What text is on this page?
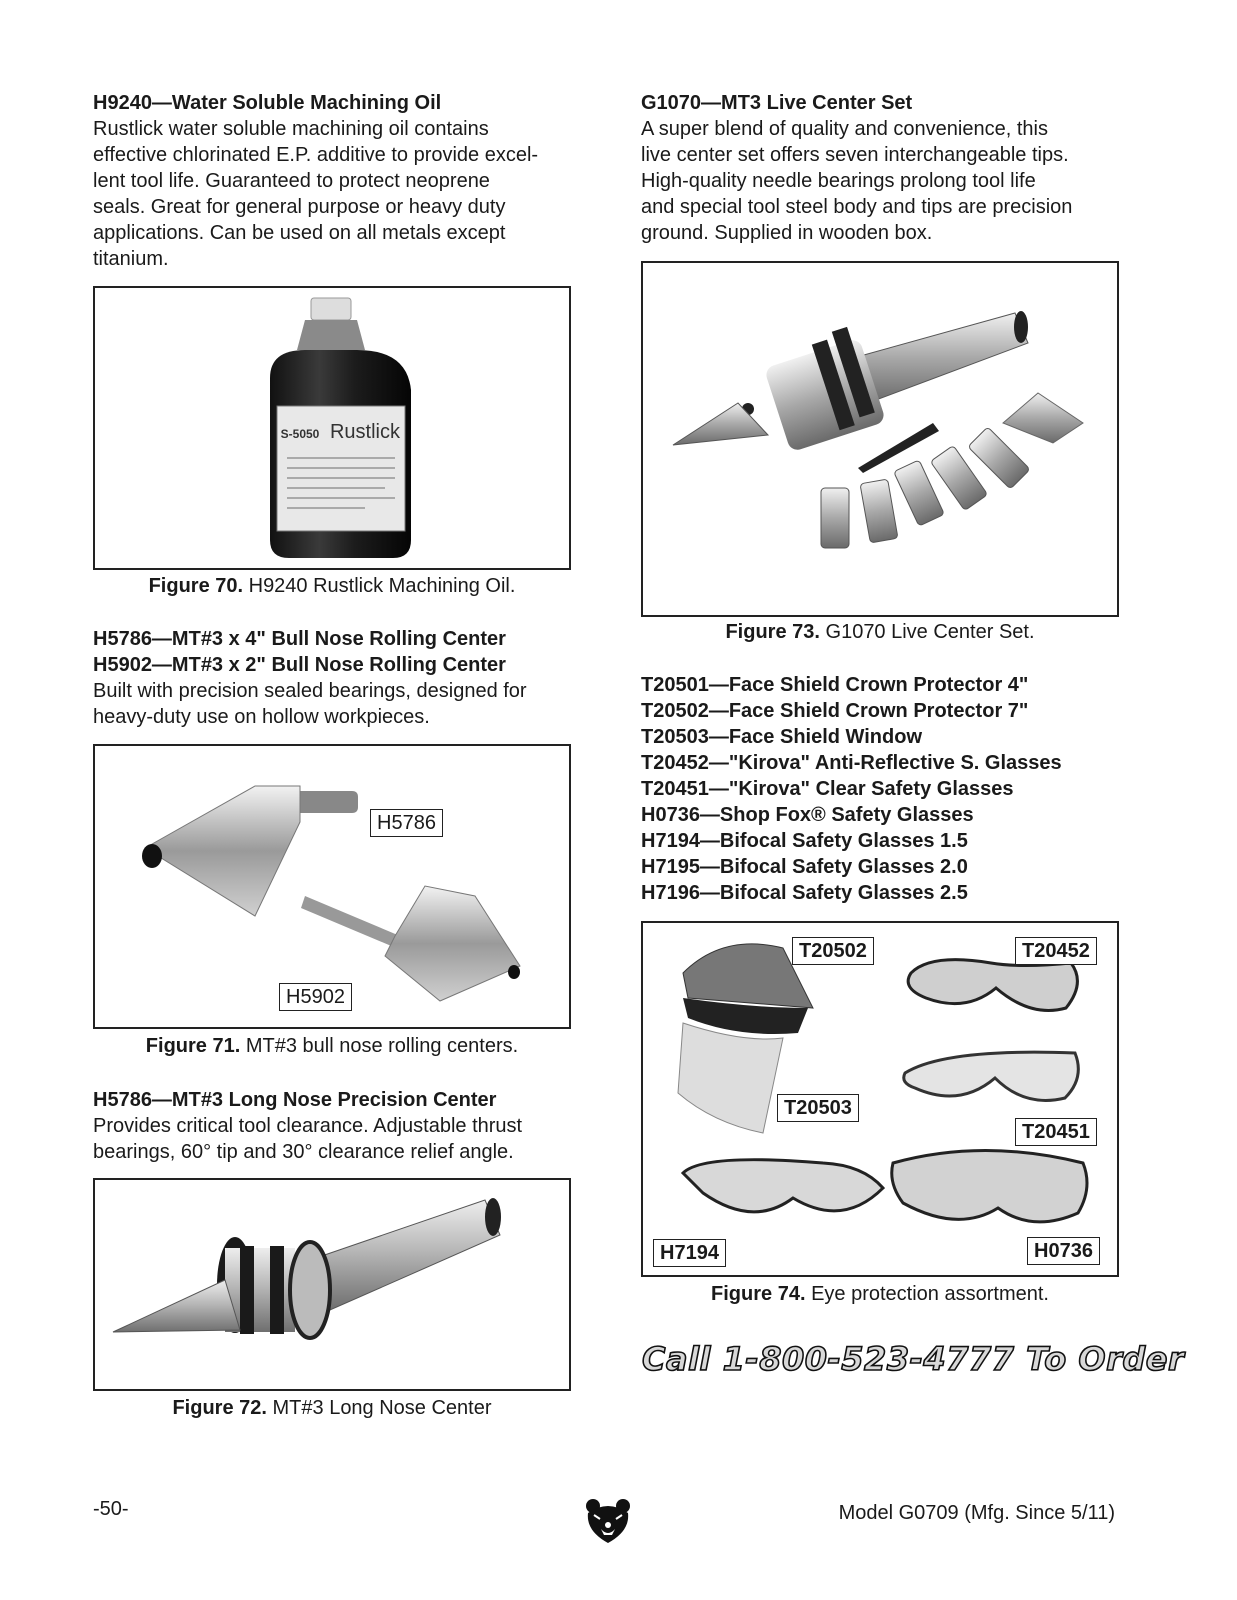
H9240—Water Soluble Machining Oil

Rustlick water soluble machining oil contains

effective chlorinated E.P. additive to provide excel-

lent tool life. Guaranteed to protect neoprene

seals. Great for general purpose or heavy duty

applications. Can be used on all metals except

titanium.

Rustlick
S-5050
Figure 70. H9240 Rustlick Machining Oil.

H5786—MT#3 x 4" Bull Nose Rolling Center

H5902—MT#3 x 2" Bull Nose Rolling Center

Built with precision sealed bearings, designed for

heavy-duty use on hollow workpieces.

H5786
H5902
Figure 71. MT#3 bull nose rolling centers.

H5786—MT#3 Long Nose Precision Center

Provides critical tool clearance. Adjustable thrust

bearings, 60° tip and 30° clearance relief angle.

Figure 72. MT#3 Long Nose Center

G1070—MT3 Live Center Set

A super blend of quality and convenience, this

live center set offers seven interchangeable tips.

High-quality needle bearings prolong tool life

and special tool steel body and tips are precision

ground. Supplied in wooden box.

Figure 73. G1070 Live Center Set.

T20501—Face Shield Crown Protector 4"

T20502—Face Shield Crown Protector 7"

T20503—Face Shield Window

T20452—"Kirova" Anti-Reflective S. Glasses

T20451—"Kirova" Clear Safety Glasses

H0736—Shop Fox® Safety Glasses

H7194—Bifocal Safety Glasses 1.5

H7195—Bifocal Safety Glasses 2.0

H7196—Bifocal Safety Glasses 2.5

T20502	T20452
T20503
T20451
H7194	H0736
Figure 74. Eye protection assortment.
Call 1-800-523-4777 To Order
-50-	Model G0709 (Mfg. Since 5/11)
